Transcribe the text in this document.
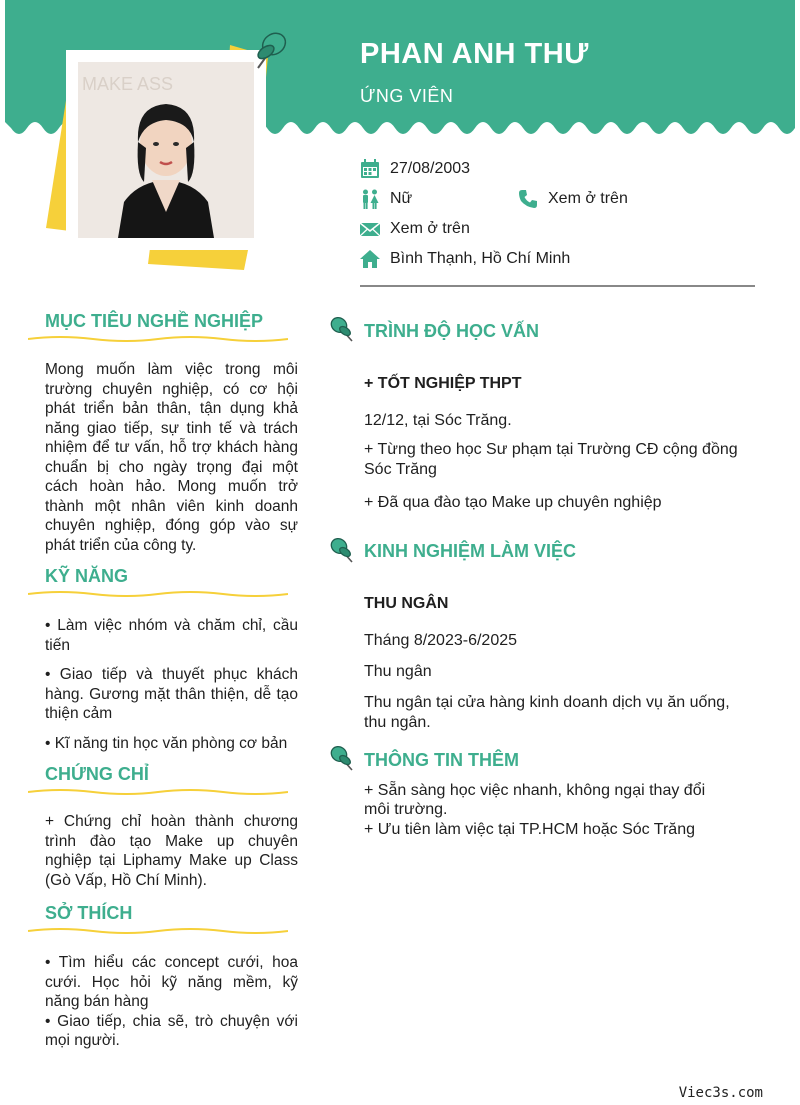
PHAN ANH THƯ
ỨNG VIÊN
MAKE ASS
27/08/2003
Nữ	Xem ở trên
Xem ở trên
Bình Thạnh, Hồ Chí Minh
MỤC TIÊU NGHỀ NGHIỆP
Mong muốn làm việc trong môi trường chuyên nghiệp, có cơ hội phát triển bản thân, tận dụng khả năng giao tiếp, sự tinh tế và trách nhiệm để tư vấn, hỗ trợ khách hàng chuẩn bị cho ngày trọng đại một cách hoàn hảo. Mong muốn trở thành một nhân viên kinh doanh chuyên nghiệp, đóng góp vào sự phát triển của công ty.
KỸ NĂNG

• Làm việc nhóm và chăm chỉ, cầu tiến

• Giao tiếp và thuyết phục khách hàng. Gương mặt thân thiện, dễ tạo thiện cảm

• Kĩ năng tin học văn phòng cơ bản

CHỨNG CHỈ
+ Chứng chỉ hoàn thành chương trình đào tạo Make up chuyên nghiệp tại Liphamy Make up Class (Gò Vấp, Hồ Chí Minh).
SỞ THÍCH

• Tìm hiểu các concept cưới, hoa cưới. Học hỏi kỹ năng mềm, kỹ năng bán hàng

• Giao tiếp, chia sẽ, trò chuyện với mọi người.

TRÌNH ĐỘ HỌC VẤN
+ TỐT NGHIỆP THPT
12/12, tại Sóc Trăng.
+ Từng theo học Sư phạm tại Trường CĐ cộng đồng Sóc Trăng
+ Đã qua đào tạo Make up chuyên nghiệp
KINH NGHIỆM LÀM VIỆC
THU NGÂN
Tháng 8/2023-6/2025
Thu ngân
Thu ngân tại cửa hàng kinh doanh dịch vụ ăn uống, thu ngân.
THÔNG TIN THÊM
+ Sẵn sàng học việc nhanh, không ngại thay đổi môi trường.
+ Ưu tiên làm việc tại TP.HCM hoặc Sóc Trăng
Viec3s.com
